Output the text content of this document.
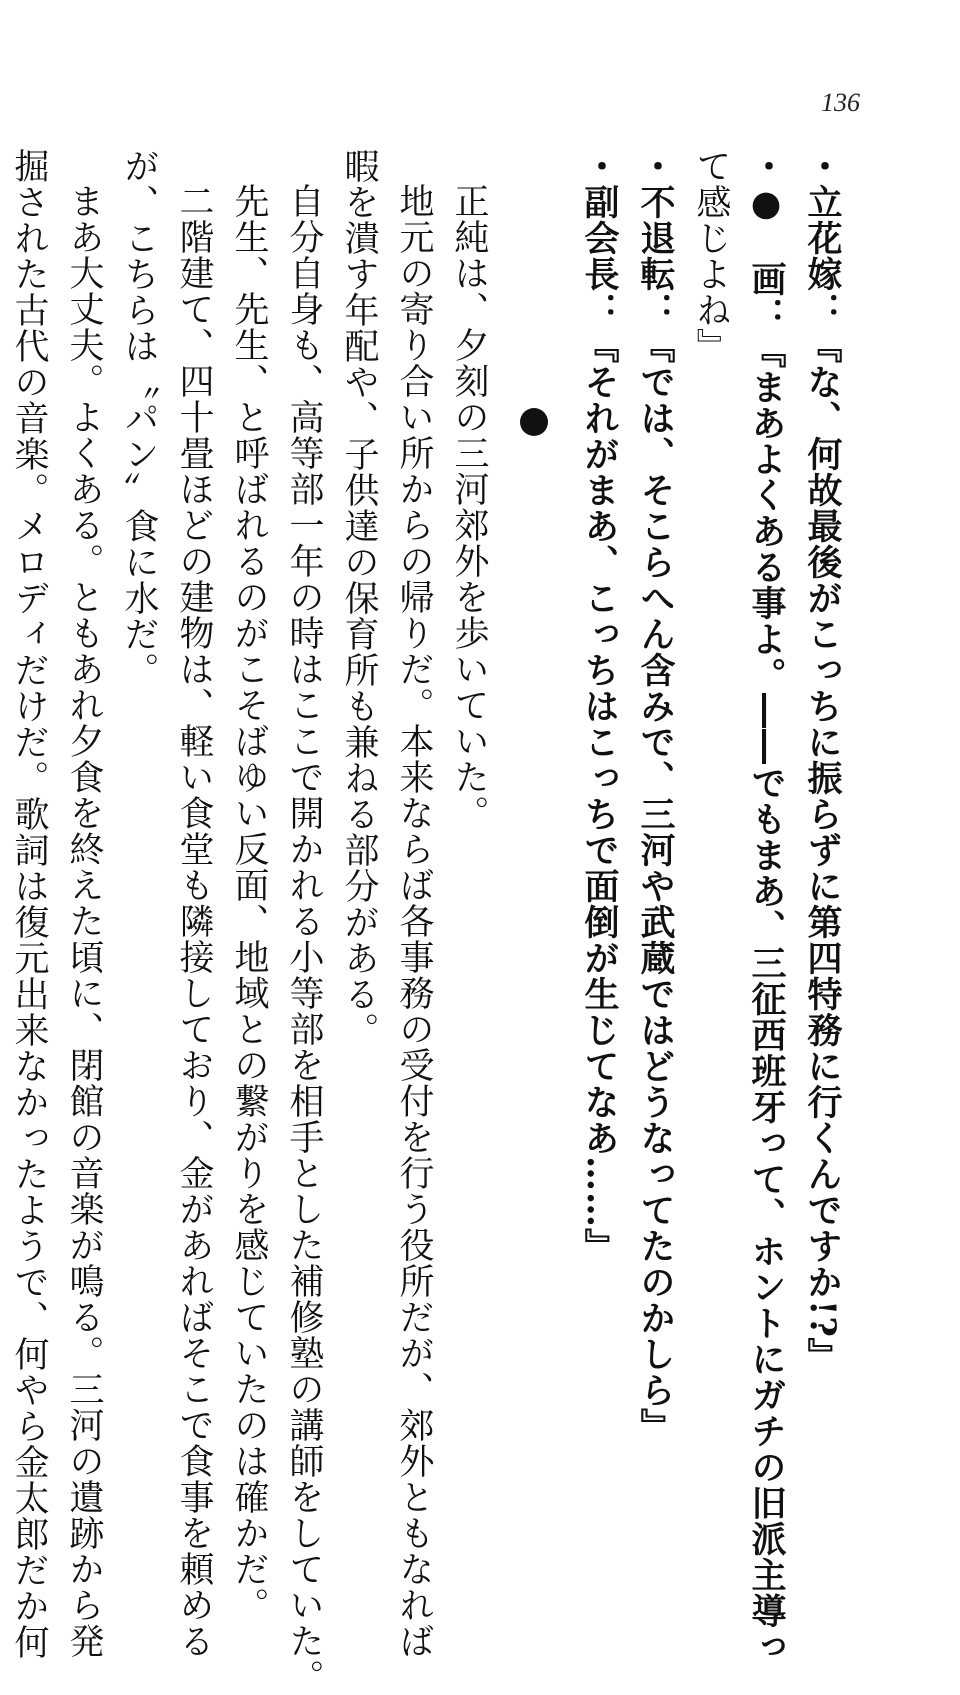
136
・立花嫁：『な、何故最後がこっちに振らずに第四特務に行くんですか!?』
・●　画：『まあよくある事よ。――でもまあ、三征西班牙って、ホントにガチの旧派主導っ
て感じよね』
・不退転：『では、そこらへん含みで、三河や武蔵ではどうなってたのかしら』
・副会長：『それがまあ、こっちはこっちで面倒が生じてなあ……』
正純は、夕刻の三河郊外を歩いていた。
地元の寄り合い所からの帰りだ。本来ならば各事務の受付を行う役所だが、郊外ともなれば
暇を潰す年配や、子供達の保育所も兼ねる部分がある。
自分自身も、高等部一年の時はここで開かれる小等部を相手とした補修塾の講師をしていた。
先生、先生、と呼ばれるのがこそばゆい反面、地域との繋がりを感じていたのは確かだ。
二階建て、四十畳ほどの建物は、軽い食堂も隣接しており、金があればそこで食事を頼める
が、こちらは〝パン〟食に水だ。
まあ大丈夫。よくある。ともあれ夕食を終えた頃に、閉館の音楽が鳴る。三河の遺跡から発
掘された古代の音楽。メロディだけだ。歌詞は復元出来なかったようで、何やら金太郎だか何
